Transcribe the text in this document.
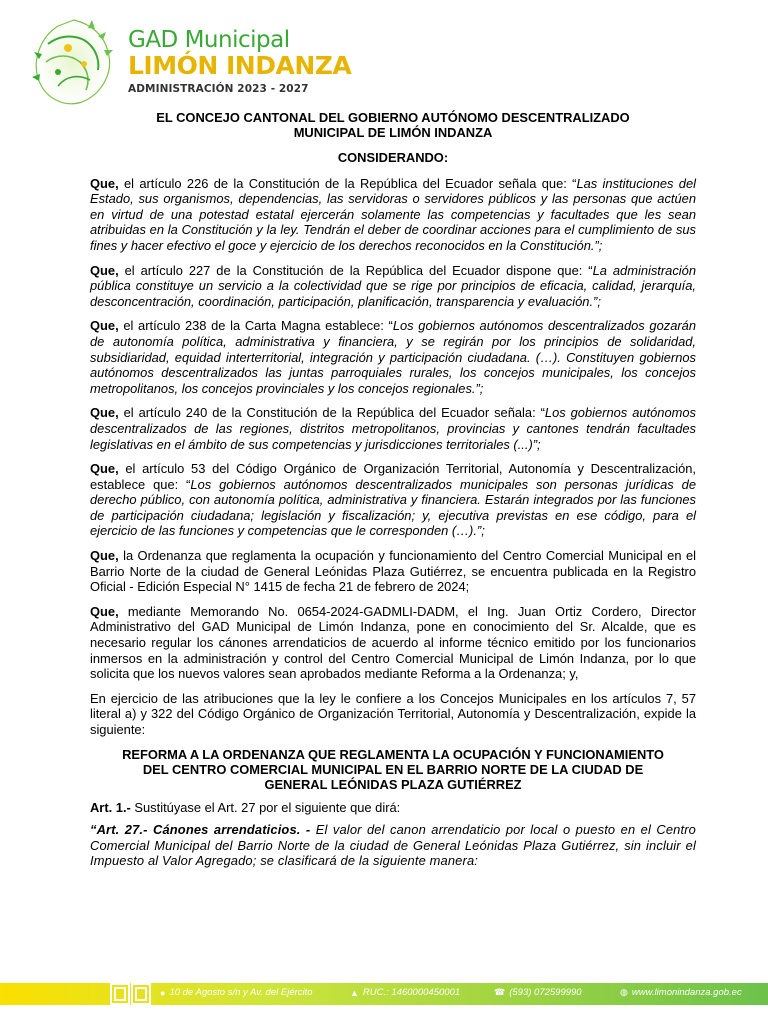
GAD Municipal
LIMÓN INDANZA
ADMINISTRACIÓN 2023 - 2027
EL CONCEJO CANTONAL DEL GOBIERNO AUTÓNOMO DESCENTRALIZADO
MUNICIPAL DE LIMÓN INDANZA
CONSIDERANDO:
Que, el artículo 226 de la Constitución de la República del Ecuador señala que: “Las instituciones del Estado, sus organismos, dependencias, las servidoras o servidores públicos y las personas que actúen en virtud de una potestad estatal ejercerán solamente las competencias y facultades que les sean atribuidas en la Constitución y la ley. Tendrán el deber de coordinar acciones para el cumplimiento de sus fines y hacer efectivo el goce y ejercicio de los derechos reconocidos en la Constitución.”;
Que, el artículo 227 de la Constitución de la República del Ecuador dispone que: “La administración pública constituye un servicio a la colectividad que se rige por principios de eficacia, calidad, jerarquía, desconcentración, coordinación, participación, planificación, transparencia y evaluación.”;
Que, el artículo 238 de la Carta Magna establece: “Los gobiernos autónomos descentralizados gozarán de autonomía política, administrativa y financiera, y se regirán por los principios de solidaridad, subsidiaridad, equidad interterritorial, integración y participación ciudadana. (…). Constituyen gobiernos autónomos descentralizados las juntas parroquiales rurales, los concejos municipales, los concejos metropolitanos, los concejos provinciales y los concejos regionales.”;
Que, el artículo 240 de la Constitución de la República del Ecuador señala: “Los gobiernos autónomos descentralizados de las regiones, distritos metropolitanos, provincias y cantones tendrán facultades legislativas en el ámbito de sus competencias y jurisdicciones territoriales (...)”;
Que, el artículo 53 del Código Orgánico de Organización Territorial, Autonomía y Descentralización, establece que: “Los gobiernos autónomos descentralizados municipales son personas jurídicas de derecho público, con autonomía política, administrativa y financiera. Estarán integrados por las funciones de participación ciudadana; legislación y fiscalización; y, ejecutiva previstas en ese código, para el ejercicio de las funciones y competencias que le corresponden (…).”;
Que, la Ordenanza que reglamenta la ocupación y funcionamiento del Centro Comercial Municipal en el Barrio Norte de la ciudad de General Leónidas Plaza Gutiérrez, se encuentra publicada en la Registro Oficial - Edición Especial N° 1415 de fecha 21 de febrero de 2024;
Que, mediante Memorando No. 0654-2024-GADMLI-DADM, el Ing. Juan Ortiz Cordero, Director Administrativo del GAD Municipal de Limón Indanza, pone en conocimiento del Sr. Alcalde, que es necesario regular los cánones arrendaticios de acuerdo al informe técnico emitido por los funcionarios inmersos en la administración y control del Centro Comercial Municipal de Limón Indanza, por lo que solicita que los nuevos valores sean aprobados mediante Reforma a la Ordenanza; y,
En ejercicio de las atribuciones que la ley le confiere a los Concejos Municipales en los artículos 7, 57 literal a) y 322 del Código Orgánico de Organización Territorial, Autonomía y Descentralización, expide la siguiente:
REFORMA A LA ORDENANZA QUE REGLAMENTA LA OCUPACIÓN Y FUNCIONAMIENTO
DEL CENTRO COMERCIAL MUNICIPAL EN EL BARRIO NORTE DE LA CIUDAD DE
GENERAL LEÓNIDAS PLAZA GUTIÉRREZ
Art. 1.- Sustitúyase el Art. 27 por el siguiente que dirá:
“Art. 27.- Cánones arrendaticios. - El valor del canon arrendaticio por local o puesto en el Centro Comercial Municipal del Barrio Norte de la ciudad de General Leónidas Plaza Gutiérrez, sin incluir el Impuesto al Valor Agregado; se clasificará de la siguiente manera:
● 10 de Agosto s/n y Av. del Ejército	▲ RUC.: 1460000450001	☎ (593) 072599990	◍ www.limonindanza.gob.ec
